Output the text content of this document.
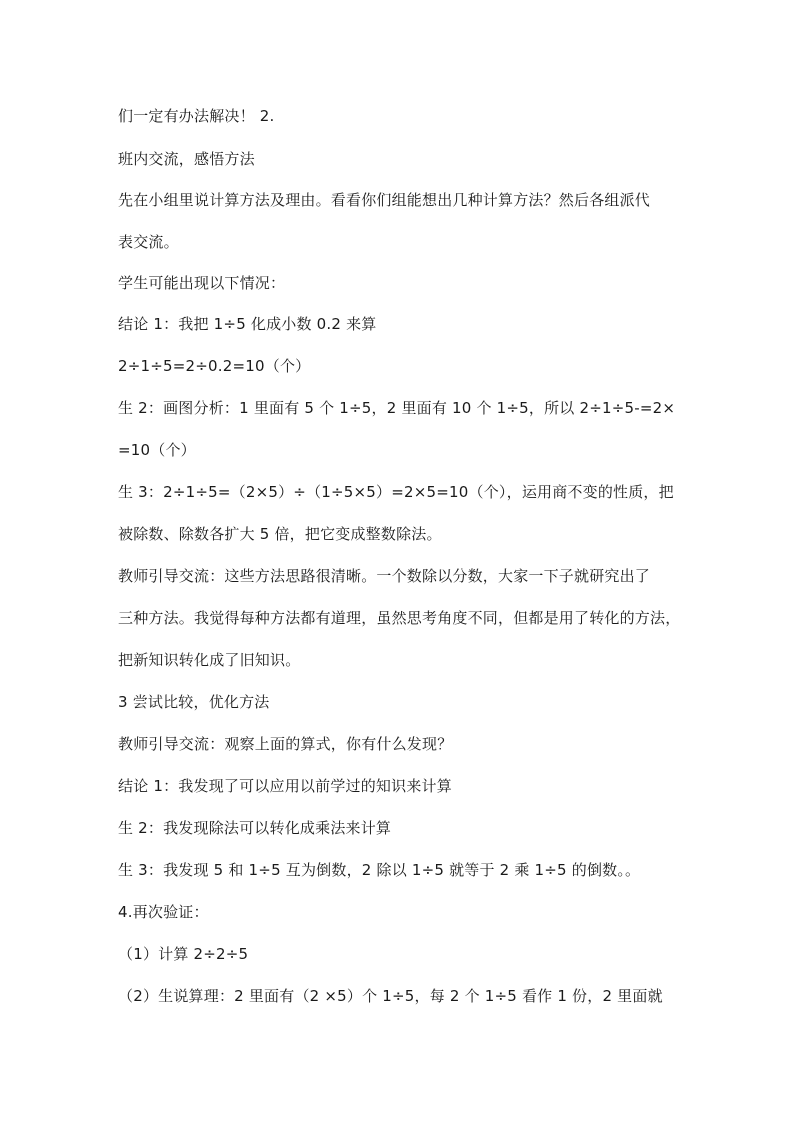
们一定有办法解决！ 2.
班内交流，感悟方法
先在小组里说计算方法及理由。看看你们组能想出几种计算方法？然后各组派代
表交流。
学生可能出现以下情况：
结论 1：我把 1÷5 化成小数 0.2 来算
2÷1÷5=2÷0.2=10（个）
生 2：画图分析：1 里面有 5 个 1÷5，2 里面有 10 个 1÷5，所以 2÷1÷5-=2×
=10（个）
生 3：2÷1÷5=（2×5）÷（1÷5×5）=2×5=10（个），运用商不变的性质，把
被除数、除数各扩大 5 倍，把它变成整数除法。
教师引导交流：这些方法思路很清晰。一个数除以分数，大家一下子就研究出了
三种方法。我觉得每种方法都有道理，虽然思考角度不同，但都是用了转化的方法，
把新知识转化成了旧知识。
3 尝试比较，优化方法
教师引导交流：观察上面的算式，你有什么发现？
结论 1：我发现了可以应用以前学过的知识来计算
生 2：我发现除法可以转化成乘法来计算
生 3：我发现 5 和 1÷5 互为倒数，2 除以 1÷5 就等于 2 乘 1÷5 的倒数。。
4.再次验证：
（1）计算 2÷2÷5
（2）生说算理：2 里面有（2 ×5）个 1÷5，每 2 个 1÷5 看作 1 份，2 里面就
